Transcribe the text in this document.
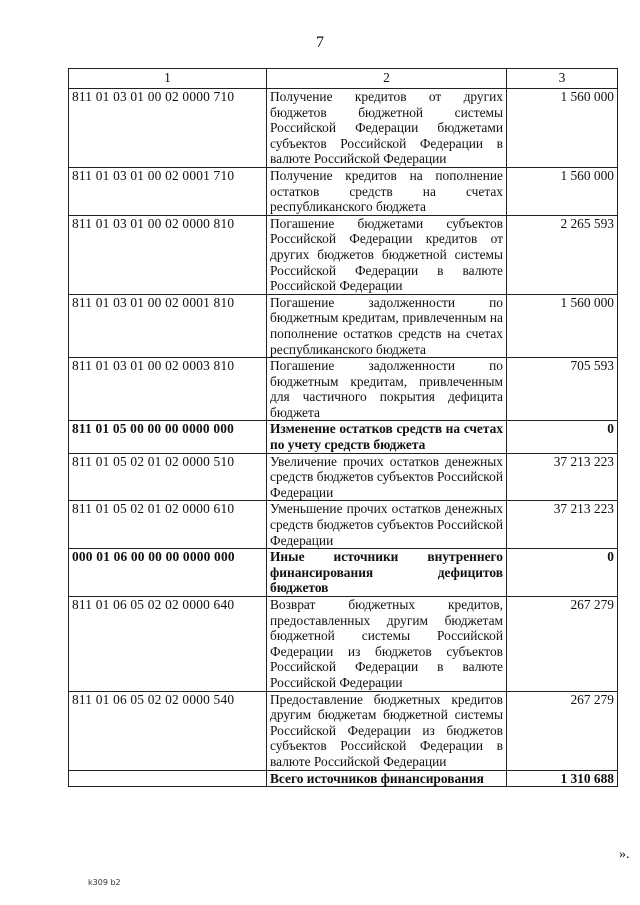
7
1	2	3
811 01 03 01 00 02 0000 710	Получение кредитов от других бюджетов бюджетной системы Российской Федерации бюджетами субъектов Российской Федерации в валюте Российской Федерации	1 560 000
811 01 03 01 00 02 0001 710	Получение кредитов на пополнение остатков средств на счетах республиканского бюджета	1 560 000
811 01 03 01 00 02 0000 810	Погашение бюджетами субъектов Российской Федерации кредитов от других бюджетов бюджетной системы Российской Федерации в валюте Российской Федерации	2 265 593
811 01 03 01 00 02 0001 810	Погашение задолженности по бюджетным кредитам, привлеченным на пополнение остатков средств на счетах республиканского бюджета	1 560 000
811 01 03 01 00 02 0003 810	Погашение задолженности по бюджетным кредитам, привлеченным для частичного покрытия дефицита бюджета	705 593
811 01 05 00 00 00 0000 000	Изменение остатков средств на счетах по учету средств бюджета	0
811 01 05 02 01 02 0000 510	Увеличение прочих остатков денежных средств бюджетов субъектов Российской Федерации	37 213 223
811 01 05 02 01 02 0000 610	Уменьшение прочих остатков денежных средств бюджетов субъектов Российской Федерации	37 213 223
000 01 06 00 00 00 0000 000	Иные источники внутреннего финансирования дефицитов бюджетов	0
811 01 06 05 02 02 0000 640	Возврат бюджетных кредитов, предоставленных другим бюджетам бюджетной системы Российской Федерации из бюджетов субъектов Российской Федерации в валюте Российской Федерации	267 279
811 01 06 05 02 02 0000 540	Предоставление бюджетных кредитов другим бюджетам бюджетной системы Российской Федерации из бюджетов субъектов Российской Федерации в валюте Российской Федерации	267 279
	Всего источников финансирования	1 310 688
».
k309 b2
